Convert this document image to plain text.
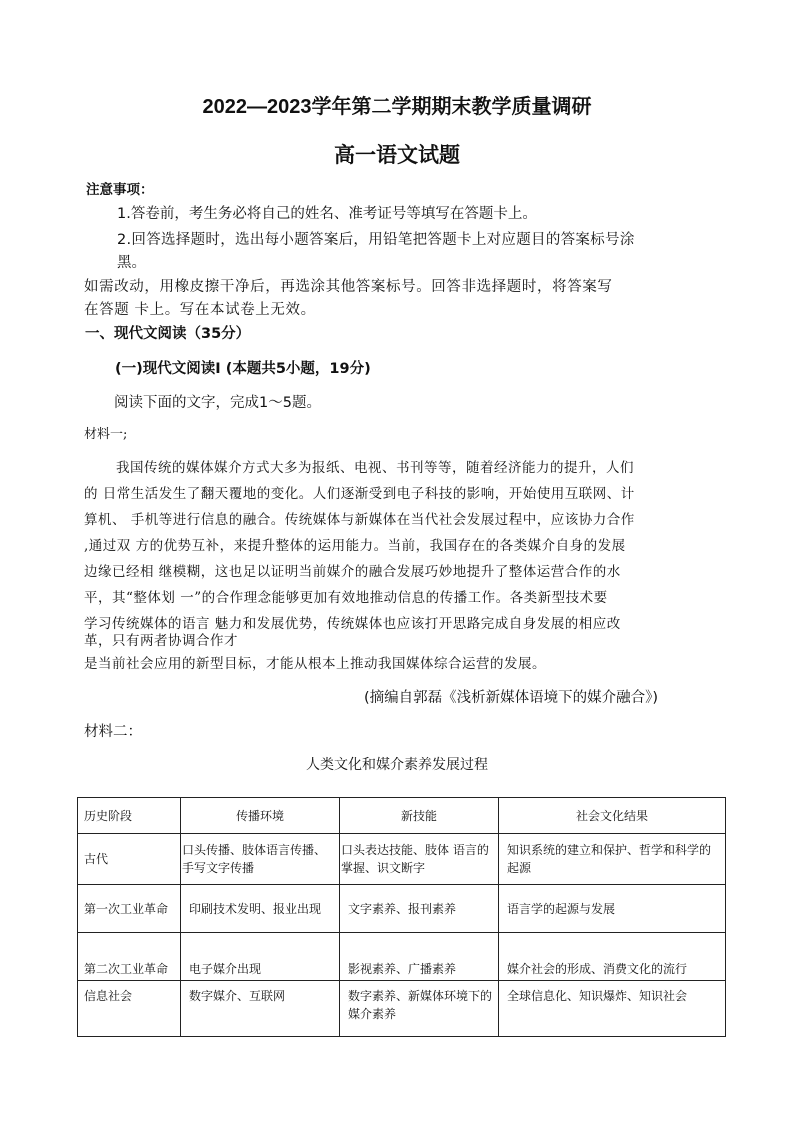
2022—2023学年第二学期期末教学质量调研
高一语文试题
注意事项：
1.答卷前，考生务必将自己的姓名、准考证号等填写在答题卡上。
2.回答选择题时，选出每小题答案后，用铅笔把答题卡上对应题目的答案标号涂
黑。
如需改动，用橡皮擦干净后，再选涂其他答案标号。回答非选择题时，将答案写
在答题 卡上。写在本试卷上无效。
一、现代文阅读（35分）
(一)现代文阅读I (本题共5小题，19分)
阅读下面的文字，完成1～5题。
材料一;
我国传统的媒体媒介方式大多为报纸、电视、书刊等等，随着经济能力的提升，人们
的 日常生活发生了翻天覆地的变化。人们逐渐受到电子科技的影响，开始使用互联网、计
算机、 手机等进行信息的融合。传统媒体与新媒体在当代社会发展过程中，应该协力合作
,通过双 方的优势互补，来提升整体的运用能力。当前，我国存在的各类媒介自身的发展
边缘已经相 继模糊，这也足以证明当前媒介的融合发展巧妙地提升了整体运营合作的水
平，其“整体划 一”的合作理念能够更加有效地推动信息的传播工作。各类新型技术要
学习传统媒体的语言 魅力和发展优势，传统媒体也应该打开思路完成自身发展的相应改
革，只有两者协调合作才
是当前社会应用的新型目标，才能从根本上推动我国媒体综合运营的发展。
(摘编自郭磊《浅析新媒体语境下的媒介融合》)
材料二：
人类文化和媒介素养发展过程
历史阶段	传播环境	新技能	社会文化结果
古代	口头传播、肢体语言传播、手写文字传播	口头表达技能、肢体 语言的掌握、识文断字	知识系统的建立和保护、哲学和科学的起源
第一次工业革命	印刷技术发明、报业出现	文字素养、报刊素养	语言学的起源与发展
第二次工业革命	电子媒介出现	影视素养、广播素养	媒介社会的形成、消费文化的流行
信息社会	数字媒介、互联网	数字素养、新媒体环境下的媒介素养	全球信息化、知识爆炸、知识社会
